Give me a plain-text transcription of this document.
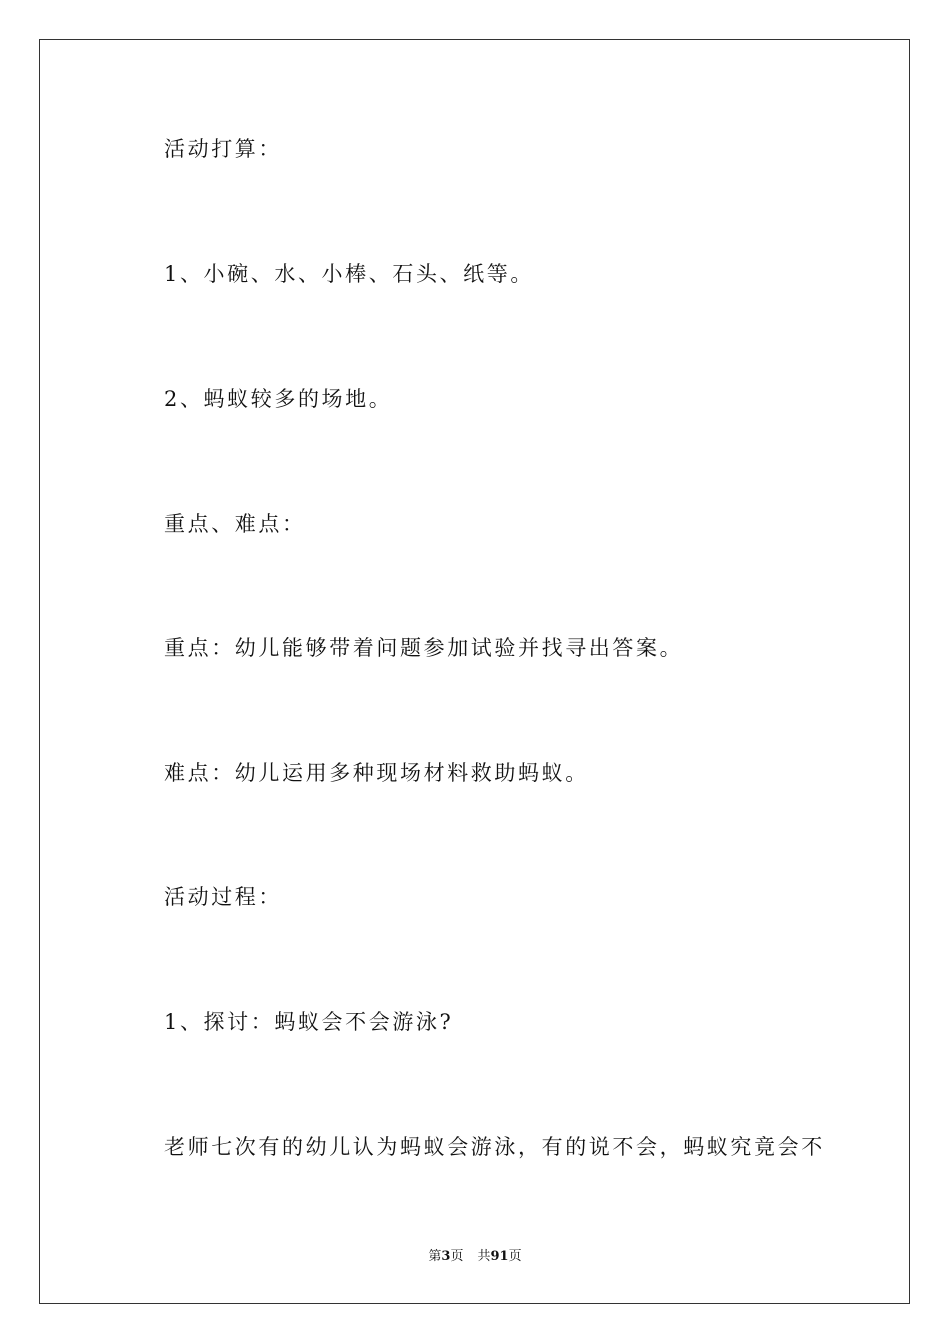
活动打算：
1、小碗、水、小棒、石头、纸等。
2、蚂蚁较多的场地。
重点、难点：
重点：幼儿能够带着问题参加试验并找寻出答案。
难点：幼儿运用多种现场材料救助蚂蚁。
活动过程：
1、探讨：蚂蚁会不会游泳?
老师七次有的幼儿认为蚂蚁会游泳，有的说不会，蚂蚁究竟会不
第3页 共91页
